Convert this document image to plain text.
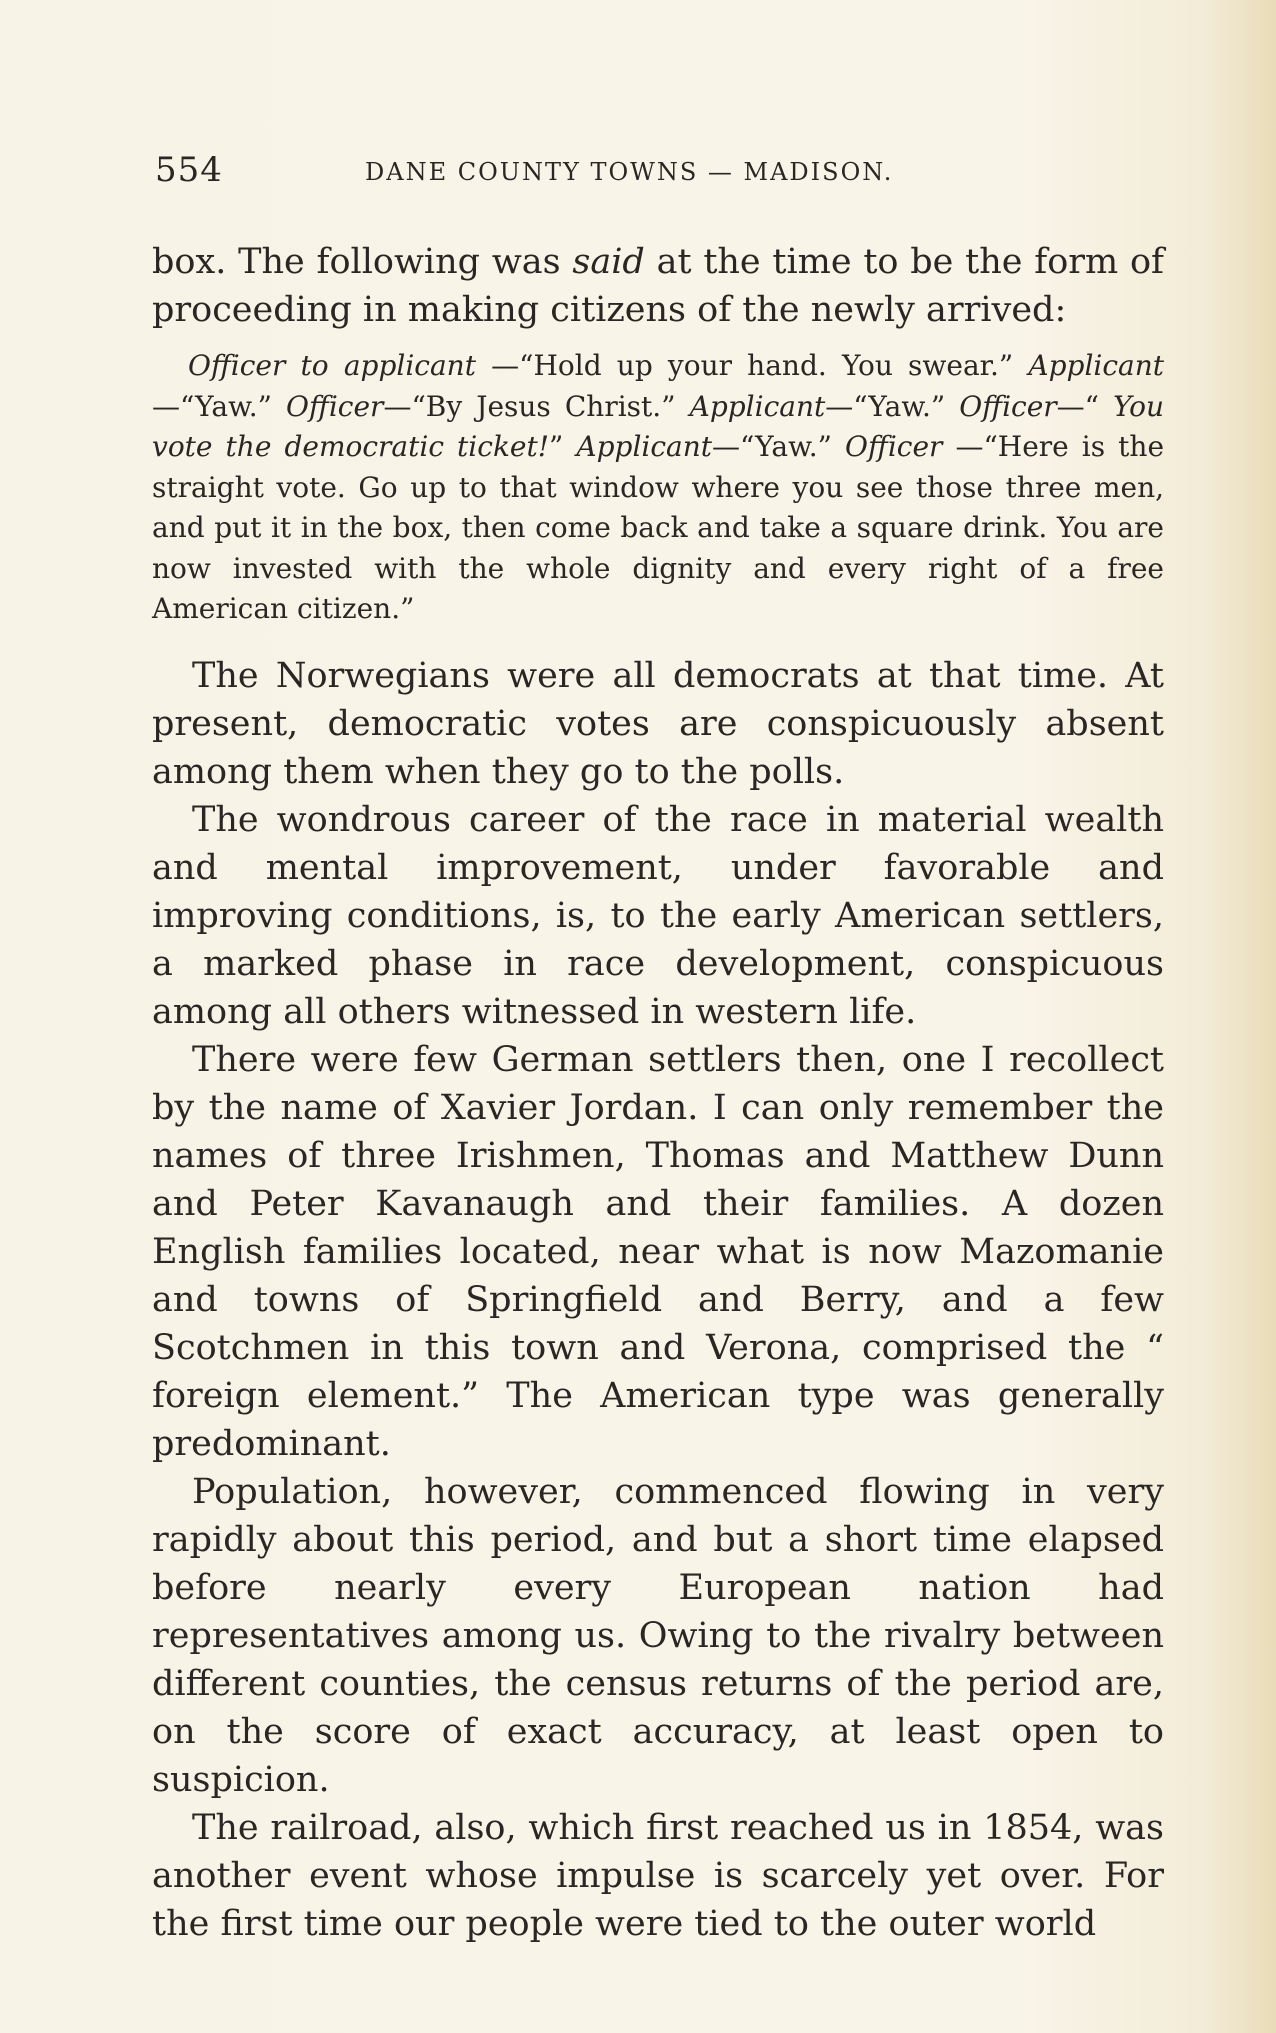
554	DANE COUNTY TOWNS — MADISON.

box. The following was said at the time to be the form of proceeding in making citizens of the newly arrived:

Officer to applicant —“Hold up your hand. You swear.” Applicant—“Yaw.” Officer—“By Jesus Christ.” Applicant—“Yaw.” Officer—“ You vote the democratic ticket!” Applicant—“Yaw.” Officer —“Here is the straight vote. Go up to that window where you see those three men, and put it in the box, then come back and take a square drink. You are now invested with the whole dignity and every right of a free American citizen.”

The Norwegians were all democrats at that time. At present, democratic votes are conspicuously absent among them when they go to the polls.

The wondrous career of the race in material wealth and mental improvement, under favorable and improving conditions, is, to the early American settlers, a marked phase in race development, conspicuous among all others witnessed in western life.

There were few German settlers then, one I recollect by the name of Xavier Jordan. I can only remember the names of three Irishmen, Thomas and Matthew Dunn and Peter Kavanaugh and their families. A dozen English families located, near what is now Mazomanie and towns of Springfield and Berry, and a few Scotchmen in this town and Verona, comprised the “ foreign element.” The American type was generally predominant.

Population, however, commenced flowing in very rapidly about this period, and but a short time elapsed before nearly every European nation had representatives among us. Owing to the rivalry between different counties, the census returns of the period are, on the score of exact accuracy, at least open to suspicion.

The railroad, also, which first reached us in 1854, was another event whose impulse is scarcely yet over. For the first time our people were tied to the outer world
